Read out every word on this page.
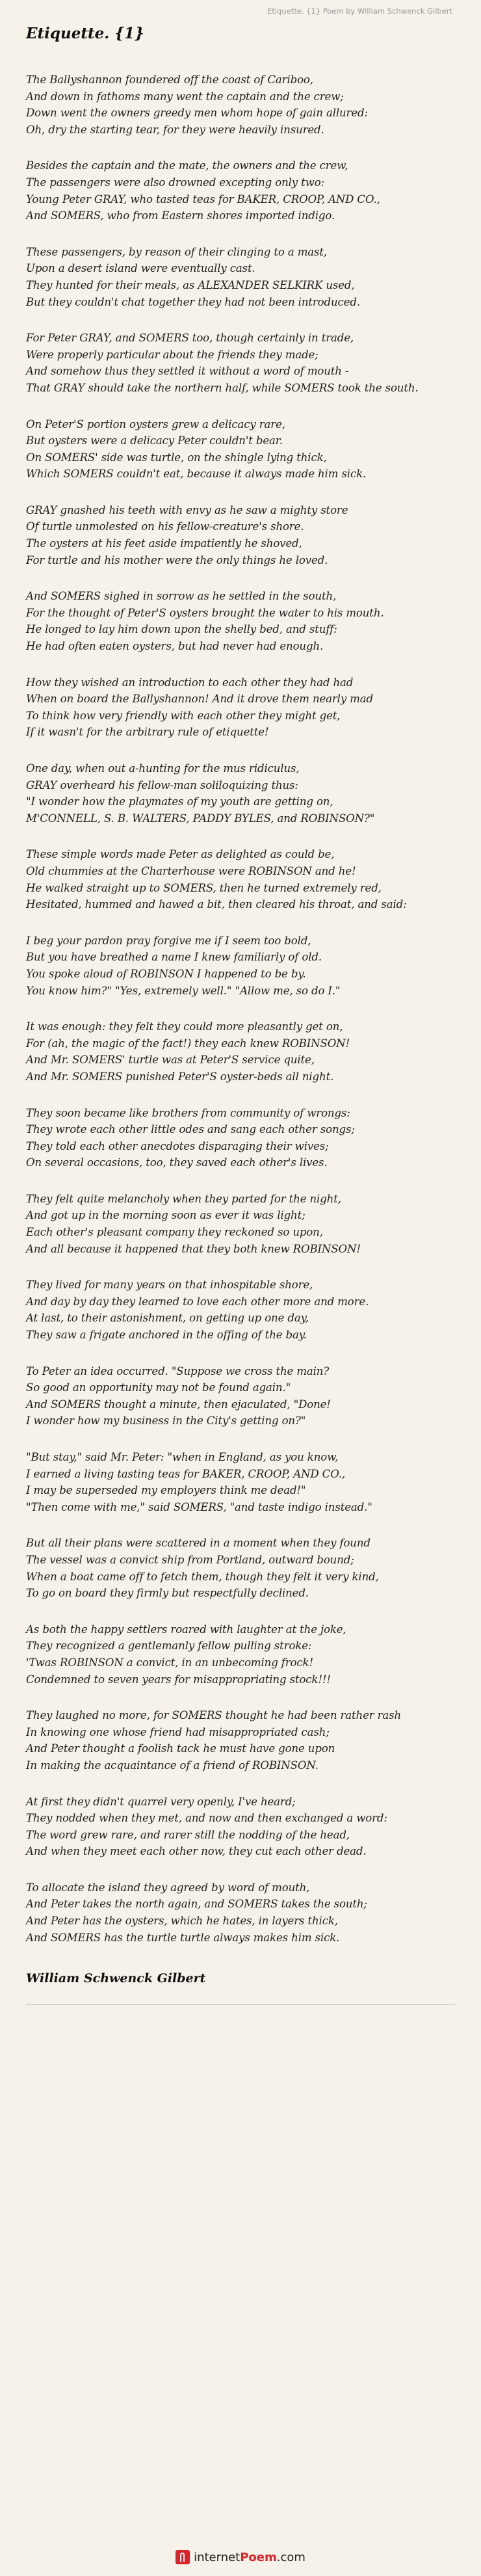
Etiquette. {1} Poem by William Schwenck Gilbert
Etiquette. {1}
The Ballyshannon foundered off the coast of Cariboo,
And down in fathoms many went the captain and the crew;
Down went the owners greedy men whom hope of gain allured:
Oh, dry the starting tear, for they were heavily insured.
Besides the captain and the mate, the owners and the crew,
The passengers were also drowned excepting only two:
Young Peter GRAY, who tasted teas for BAKER, CROOP, AND CO.,
And SOMERS, who from Eastern shores imported indigo.
These passengers, by reason of their clinging to a mast,
Upon a desert island were eventually cast.
They hunted for their meals, as ALEXANDER SELKIRK used,
But they couldn't chat together they had not been introduced.
For Peter GRAY, and SOMERS too, though certainly in trade,
Were properly particular about the friends they made;
And somehow thus they settled it without a word of mouth -
That GRAY should take the northern half, while SOMERS took the south.
On Peter'S portion oysters grew a delicacy rare,
But oysters were a delicacy Peter couldn't bear.
On SOMERS' side was turtle, on the shingle lying thick,
Which SOMERS couldn't eat, because it always made him sick.
GRAY gnashed his teeth with envy as he saw a mighty store
Of turtle unmolested on his fellow-creature's shore.
The oysters at his feet aside impatiently he shoved,
For turtle and his mother were the only things he loved.
And SOMERS sighed in sorrow as he settled in the south,
For the thought of Peter'S oysters brought the water to his mouth.
He longed to lay him down upon the shelly bed, and stuff:
He had often eaten oysters, but had never had enough.
How they wished an introduction to each other they had had
When on board the Ballyshannon! And it drove them nearly mad
To think how very friendly with each other they might get,
If it wasn't for the arbitrary rule of etiquette!
One day, when out a-hunting for the mus ridiculus,
GRAY overheard his fellow-man soliloquizing thus:
"I wonder how the playmates of my youth are getting on,
M'CONNELL, S. B. WALTERS, PADDY BYLES, and ROBINSON?"
These simple words made Peter as delighted as could be,
Old chummies at the Charterhouse were ROBINSON and he!
He walked straight up to SOMERS, then he turned extremely red,
Hesitated, hummed and hawed a bit, then cleared his throat, and said:
I beg your pardon pray forgive me if I seem too bold,
But you have breathed a name I knew familiarly of old.
You spoke aloud of ROBINSON I happened to be by.
You know him?" "Yes, extremely well." "Allow me, so do I."
It was enough: they felt they could more pleasantly get on,
For (ah, the magic of the fact!) they each knew ROBINSON!
And Mr. SOMERS' turtle was at Peter'S service quite,
And Mr. SOMERS punished Peter'S oyster-beds all night.
They soon became like brothers from community of wrongs:
They wrote each other little odes and sang each other songs;
They told each other anecdotes disparaging their wives;
On several occasions, too, they saved each other's lives.
They felt quite melancholy when they parted for the night,
And got up in the morning soon as ever it was light;
Each other's pleasant company they reckoned so upon,
And all because it happened that they both knew ROBINSON!
They lived for many years on that inhospitable shore,
And day by day they learned to love each other more and more.
At last, to their astonishment, on getting up one day,
They saw a frigate anchored in the offing of the bay.
To Peter an idea occurred. "Suppose we cross the main?
So good an opportunity may not be found again."
And SOMERS thought a minute, then ejaculated, "Done!
I wonder how my business in the City's getting on?"
"But stay," said Mr. Peter: "when in England, as you know,
I earned a living tasting teas for BAKER, CROOP, AND CO.,
I may be superseded my employers think me dead!"
"Then come with me," said SOMERS, "and taste indigo instead."
But all their plans were scattered in a moment when they found
The vessel was a convict ship from Portland, outward bound;
When a boat came off to fetch them, though they felt it very kind,
To go on board they firmly but respectfully declined.
As both the happy settlers roared with laughter at the joke,
They recognized a gentlemanly fellow pulling stroke:
'Twas ROBINSON a convict, in an unbecoming frock!
Condemned to seven years for misappropriating stock!!!
They laughed no more, for SOMERS thought he had been rather rash
In knowing one whose friend had misappropriated cash;
And Peter thought a foolish tack he must have gone upon
In making the acquaintance of a friend of ROBINSON.
At first they didn't quarrel very openly, I've heard;
They nodded when they met, and now and then exchanged a word:
The word grew rare, and rarer still the nodding of the head,
And when they meet each other now, they cut each other dead.
To allocate the island they agreed by word of mouth,
And Peter takes the north again, and SOMERS takes the south;
And Peter has the oysters, which he hates, in layers thick,
And SOMERS has the turtle turtle always makes him sick.
William Schwenck Gilbert
internetPoem.com
